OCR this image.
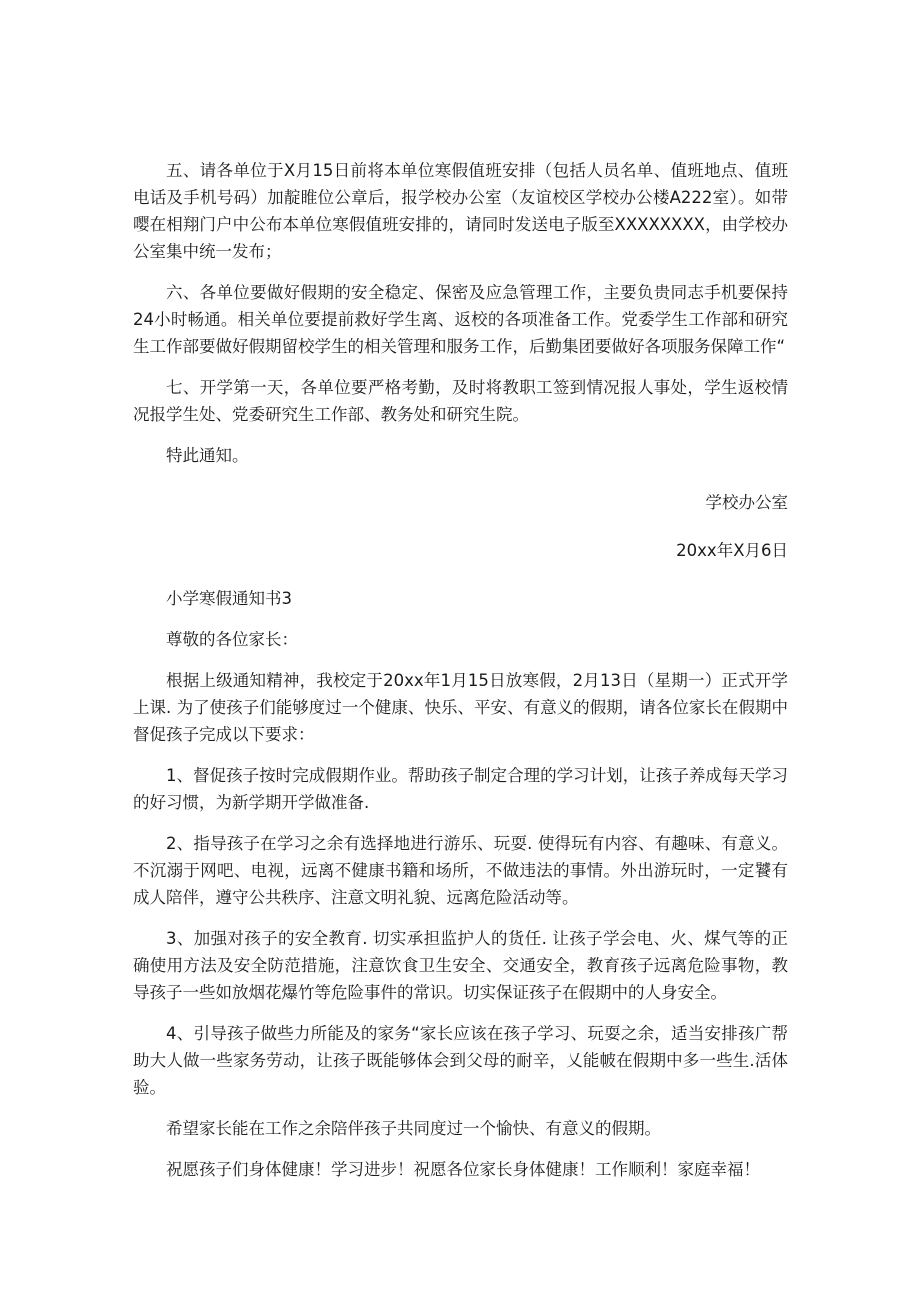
五、请各单位于X月15日前将本单位寒假值班安排（包括人员名单、值班地点、值班电话及手机号码）加靛睢位公章后，报学校办公室（友谊校区学校办公楼A222室）。如带嘤在相翔门户中公布本单位寒假值班安排的，请同时发送电子版至XXXXXXXX，由学校办公室集中统一发布；

六、各单位要做好假期的安全稳定、保密及应急管理工作，主要负贵同志手机要保持24小时畅通。相关单位要提前救好学生离、返校的各项准备工作。党委学生工作部和研究生工作部要做好假期留校学生的相关管理和服务工作，后勤集团要做好各项服务保障工作“

七、开学第一天，各单位要严格考勤，及时将教职工签到情况报人事处，学生返校情况报学生处、党委研究生工作部、教务处和研究生院。

特此通知。

学校办公室

20xx年X月6日

小学寒假通知书3

尊敬的各位家长：

根据上级通知精神，我校定于20xx年1月15日放寒假，2月13日（星期一）正式开学上课. 为了使孩子们能够度过一个健康、快乐、平安、有意义的假期，请各位家长在假期中督促孩子完成以下要求：

1、督促孩子按时完成假期作业。帮助孩子制定合理的学习计划，让孩子养成每天学习的好习惯，为新学期开学做准备.

2、指导孩子在学习之余有选择地进行游乐、玩耍. 使得玩有内容、有趣味、有意义。不沉溺于网吧、电视，远离不健康书籍和场所，不做违法的事情。外出游玩时，一定饕有成人陪伴，遵守公共秩序、注意文明礼貌、远离危险活动等。

3、加强对孩子的安全教育. 切实承担监护人的货任. 让孩子学会电、火、煤气等的正确使用方法及安全防范措施，注意饮食卫生安全、交通安全，教育孩子远离危险事物，教导孩子一些如放烟花爆竹等危险事件的常识。切实保证孩子在假期中的人身安全。

4、引导孩子做些力所能及的家务“家长应该在孩子学习、玩耍之余，适当安排孩广帮助大人做一些家务劳动，让孩子既能够体会到父母的耐辛，乂能帔在假期中多一些生.活体验。

希望家长能在工作之余陪伴孩子共同度过一个愉快、有意义的假期。

祝愿孩子们身体健康！学习进步！祝愿各位家长身体健康！工作顺利！家庭幸福！
